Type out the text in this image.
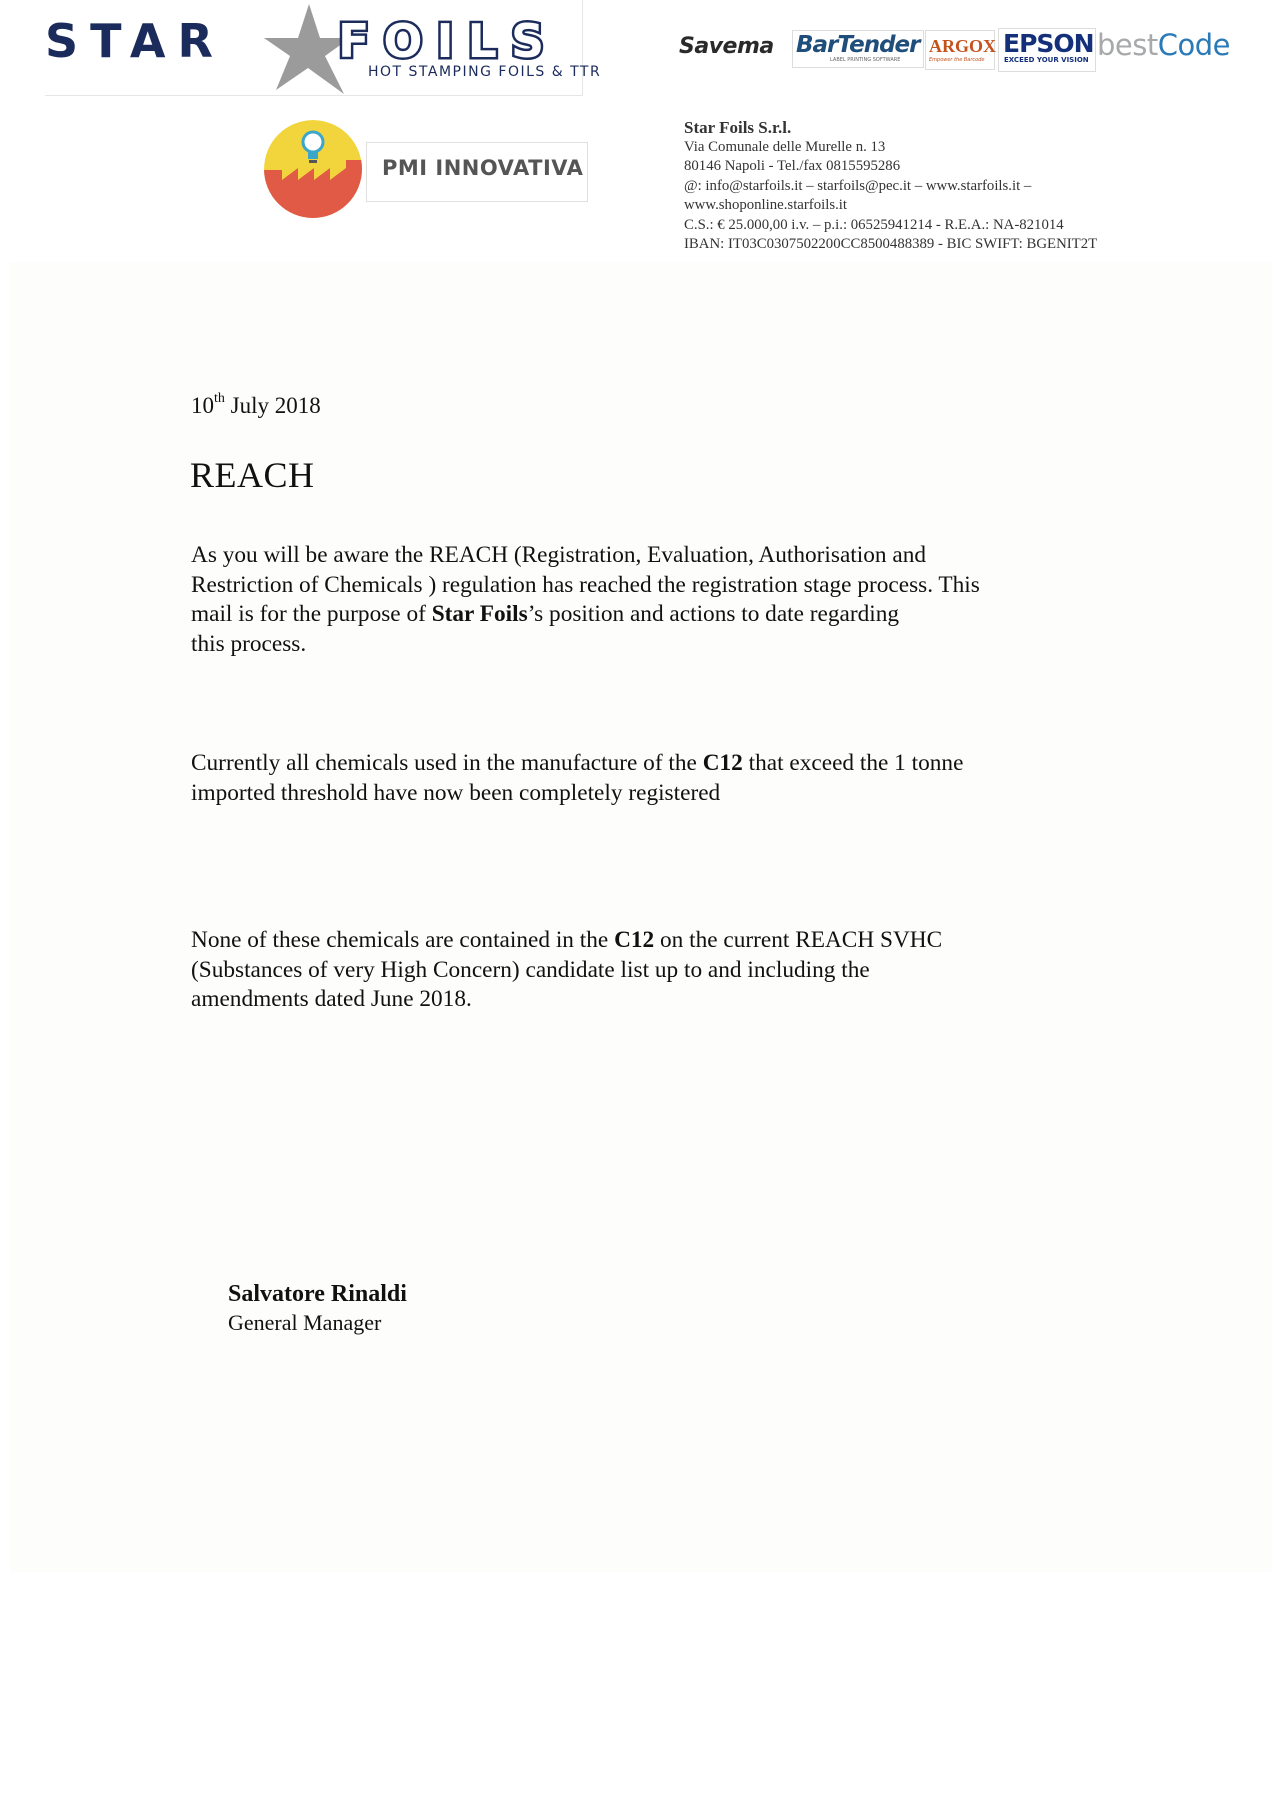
STAR FOILS
HOT STAMPING FOILS & TTR
Savema BarTender
LABEL PRINTING SOFTWARE
ARGOX
Empower the Barcode
EPSON
EXCEED YOUR VISION bestCode
PMI INNOVATIVA
Star Foils S.r.l.
Via Comunale delle Murelle n. 13
80146 Napoli - Tel./fax 0815595286
@: info@starfoils.it – starfoils@pec.it – www.starfoils.it –
www.shoponline.starfoils.it
C.S.: € 25.000,00 i.v. – p.i.: 06525941214 - R.E.A.: NA-821014
IBAN: IT03C0307502200CC8500488389 - BIC SWIFT: BGENIT2T
10th July 2018
REACH
As you will be aware the REACH (Registration, Evaluation, Authorisation and
Restriction of Chemicals ) regulation has reached the registration stage process. This
mail is for the purpose of Star Foils’s position and actions to date regarding
this process.
Currently all chemicals used in the manufacture of the C12 that exceed the 1 tonne
imported threshold have now been completely registered
None of these chemicals are contained in the C12 on the current REACH SVHC
(Substances of very High Concern) candidate list up to and including the
amendments dated June 2018.
Salvatore Rinaldi
General Manager
